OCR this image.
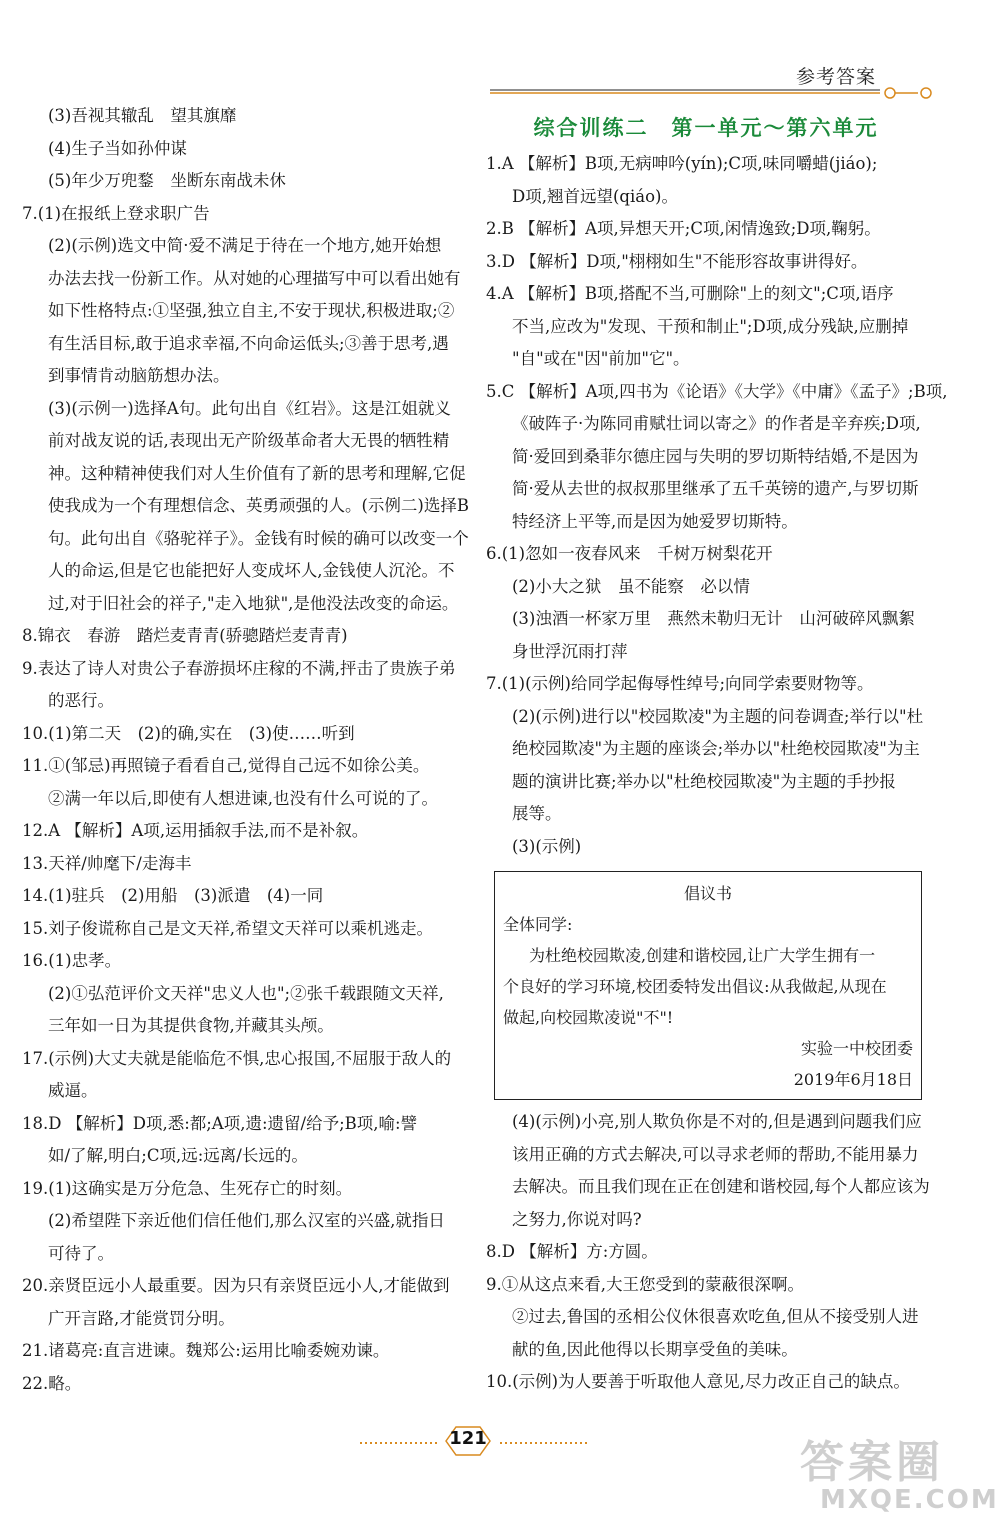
参考答案
(3)吾视其辙乱　望其旗靡
(4)生子当如孙仲谋
(5)年少万兜鍪　坐断东南战未休
7.(1)在报纸上登求职广告
(2)(示例)选文中简·爱不满足于待在一个地方,她开始想
办法去找一份新工作。从对她的心理描写中可以看出她有
如下性格特点:①坚强,独立自主,不安于现状,积极进取;②
有生活目标,敢于追求幸福,不向命运低头;③善于思考,遇
到事情肯动脑筋想办法。
(3)(示例一)选择A句。此句出自《红岩》。这是江姐就义
前对战友说的话,表现出无产阶级革命者大无畏的牺牲精
神。这种精神使我们对人生价值有了新的思考和理解,它促
使我成为一个有理想信念、英勇顽强的人。(示例二)选择B
句。此句出自《骆驼祥子》。金钱有时候的确可以改变一个
人的命运,但是它也能把好人变成坏人,金钱使人沉沦。不
过,对于旧社会的祥子,"走入地狱",是他没法改变的命运。
8.锦衣　春游　踏烂麦青青(骄骢踏烂麦青青)
9.表达了诗人对贵公子春游损坏庄稼的不满,抨击了贵族子弟
的恶行。
10.(1)第二天　(2)的确,实在　(3)使……听到
11.①(邹忌)再照镜子看看自己,觉得自己远不如徐公美。
②满一年以后,即使有人想进谏,也没有什么可说的了。
12.A 【解析】A项,运用插叙手法,而不是补叙。
13.天祥/帅麾下/走海丰
14.(1)驻兵　(2)用船　(3)派遣　(4)一同
15.刘子俊谎称自己是文天祥,希望文天祥可以乘机逃走。
16.(1)忠孝。
(2)①弘范评价文天祥"忠义人也";②张千载跟随文天祥,
三年如一日为其提供食物,并藏其头颅。
17.(示例)大丈夫就是能临危不惧,忠心报国,不屈服于敌人的
威逼。
18.D 【解析】D项,悉:都;A项,遗:遗留/给予;B项,喻:譬
如/了解,明白;C项,远:远离/长远的。
19.(1)这确实是万分危急、生死存亡的时刻。
(2)希望陛下亲近他们信任他们,那么汉室的兴盛,就指日
可待了。
20.亲贤臣远小人最重要。因为只有亲贤臣远小人,才能做到
广开言路,才能赏罚分明。
21.诸葛亮:直言进谏。魏郑公:运用比喻委婉劝谏。
22.略。
综合训练二　第一单元～第六单元
1.A 【解析】B项,无病呻吟(yín);C项,味同嚼蜡(jiáo);
D项,翘首远望(qiáo)。
2.B 【解析】A项,异想天开;C项,闲情逸致;D项,鞠躬。
3.D 【解析】D项,"栩栩如生"不能形容故事讲得好。
4.A 【解析】B项,搭配不当,可删除"上的刻文";C项,语序
不当,应改为"发现、干预和制止";D项,成分残缺,应删掉
"自"或在"因"前加"它"。
5.C 【解析】A项,四书为《论语》《大学》《中庸》《孟子》;B项,
《破阵子·为陈同甫赋壮词以寄之》的作者是辛弃疾;D项,
简·爱回到桑菲尔德庄园与失明的罗切斯特结婚,不是因为
简·爱从去世的叔叔那里继承了五千英镑的遗产,与罗切斯
特经济上平等,而是因为她爱罗切斯特。
6.(1)忽如一夜春风来　千树万树梨花开
(2)小大之狱　虽不能察　必以情
(3)浊酒一杯家万里　燕然未勒归无计　山河破碎风飘絮
身世浮沉雨打萍
7.(1)(示例)给同学起侮辱性绰号;向同学索要财物等。
(2)(示例)进行以"校园欺凌"为主题的问卷调查;举行以"杜
绝校园欺凌"为主题的座谈会;举办以"杜绝校园欺凌"为主
题的演讲比赛;举办以"杜绝校园欺凌"为主题的手抄报
展等。
(3)(示例)
倡议书
全体同学:
为杜绝校园欺凌,创建和谐校园,让广大学生拥有一
个良好的学习环境,校团委特发出倡议:从我做起,从现在
做起,向校园欺凌说"不"!
实验一中校团委
2019年6月18日
(4)(示例)小亮,别人欺负你是不对的,但是遇到问题我们应
该用正确的方式去解决,可以寻求老师的帮助,不能用暴力
去解决。而且我们现在正在创建和谐校园,每个人都应该为
之努力,你说对吗?
8.D 【解析】方:方圆。
9.①从这点来看,大王您受到的蒙蔽很深啊。
②过去,鲁国的丞相公仪休很喜欢吃鱼,但从不接受别人进
献的鱼,因此他得以长期享受鱼的美味。
10.(示例)为人要善于听取他人意见,尽力改正自己的缺点。
121	答案圈
MXQE.COM
